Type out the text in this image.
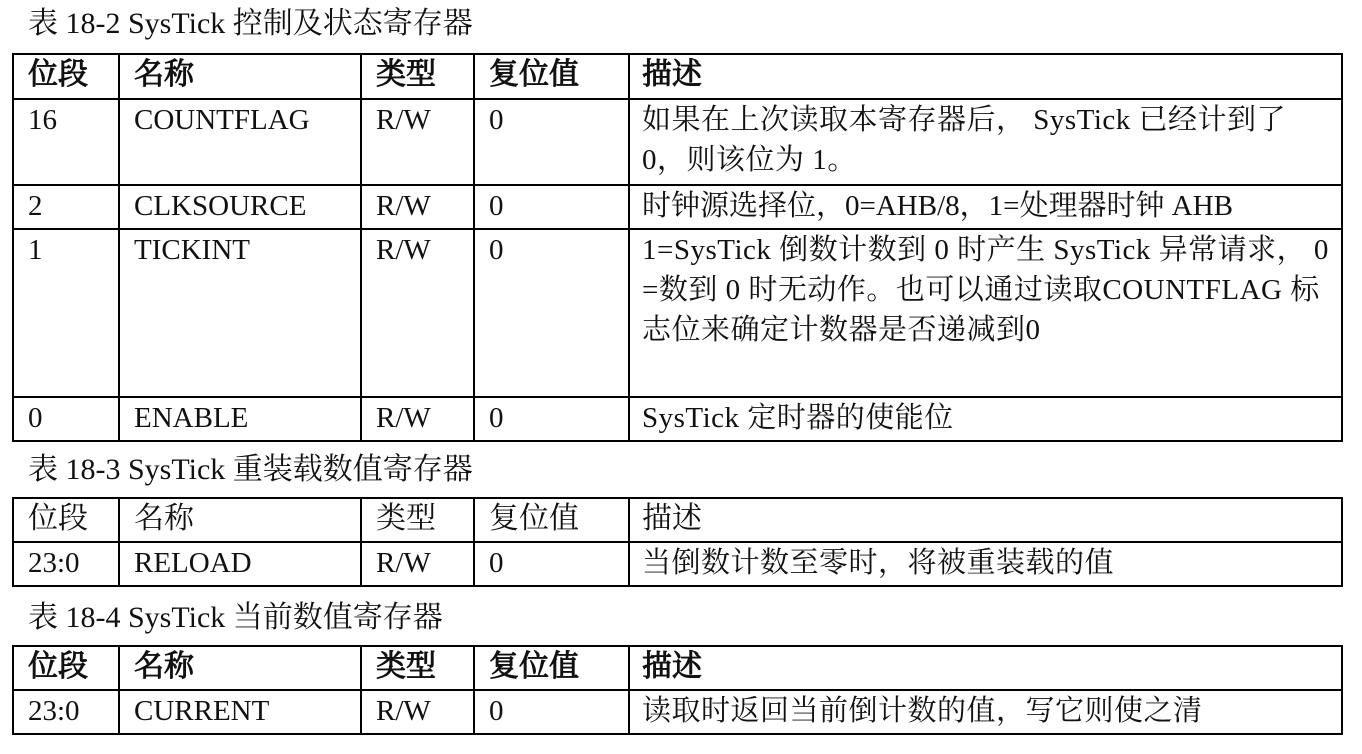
表 18-2 SysTick 控制及状态寄存器
位段	名称	类型	复位值	描述
16	COUNTFLAG	R/W	0	如果在上次读取本寄存器后， SysTick 已经计到了 0，则该位为 1。

2	CLKSOURCE	R/W	0	时钟源选择位，0=AHB/8，1=处理器时钟 AHB

1	TICKINT	R/W	0	1=SysTick 倒数计数到 0 时产生 SysTick 异常请求， 0=数到 0 时无动作。也可以通过读取COUNTFLAG 标志位来确定计数器是否递减到0

0	ENABLE	R/W	0	SysTick 定时器的使能位
表 18-3 SysTick 重装载数值寄存器
位段	名称	类型	复位值	描述
23:0	RELOAD	R/W	0	当倒数计数至零时，将被重装载的值
表 18-4 SysTick 当前数值寄存器
位段	名称	类型	复位值	描述
23:0	CURRENT	R/W	0	读取时返回当前倒计数的值，写它则使之清
